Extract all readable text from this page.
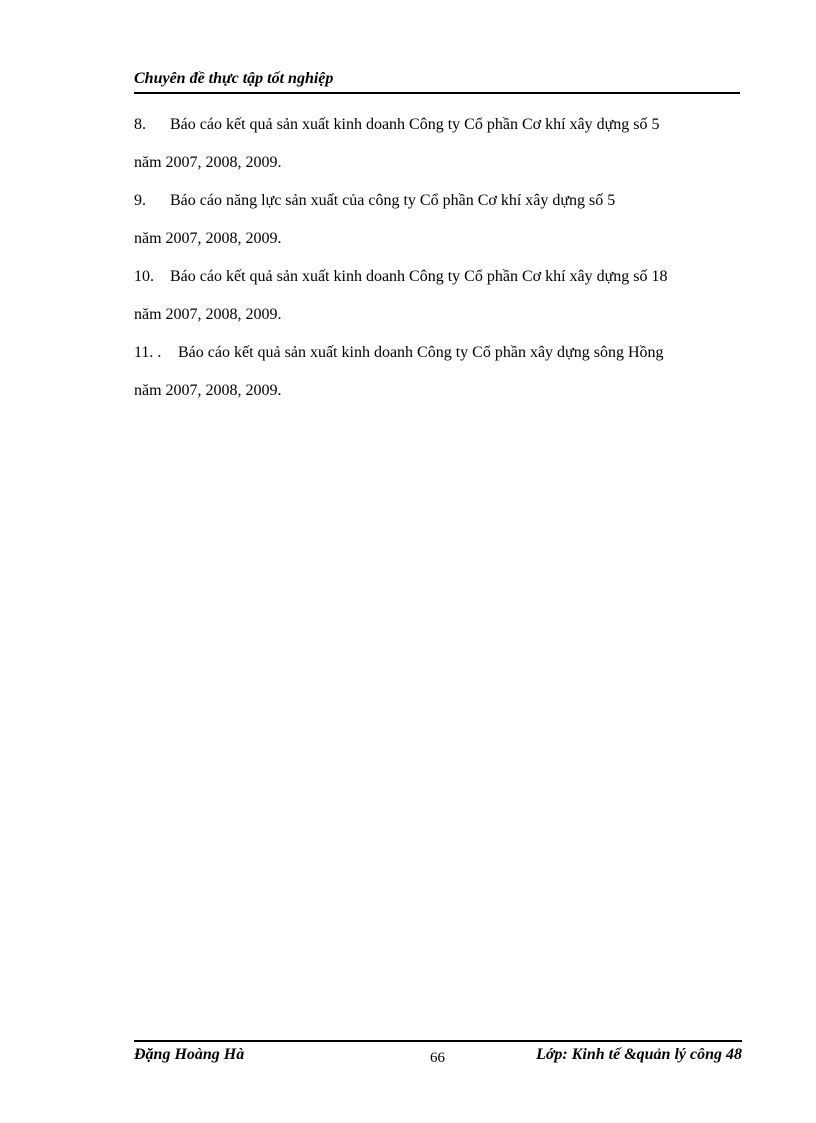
Chuyên đề thực tập tốt nghiệp
8. Báo cáo kết quả sản xuất kinh doanh Công ty Cổ phần Cơ khí xây dựng số 5
năm 2007, 2008, 2009.
9. Báo cáo năng lực sản xuất của công ty Cổ phần Cơ khí xây dựng số 5
năm 2007, 2008, 2009.
10. Báo cáo kết quả sản xuất kinh doanh Công ty Cổ phần Cơ khí xây dựng số 18
năm 2007, 2008, 2009.
11. . Báo cáo kết quả sản xuất kinh doanh Công ty Cổ phần xây dựng sông Hồng
năm 2007, 2008, 2009.
Đặng Hoàng Hà	66	Lớp: Kinh tế &quản lý công 48
